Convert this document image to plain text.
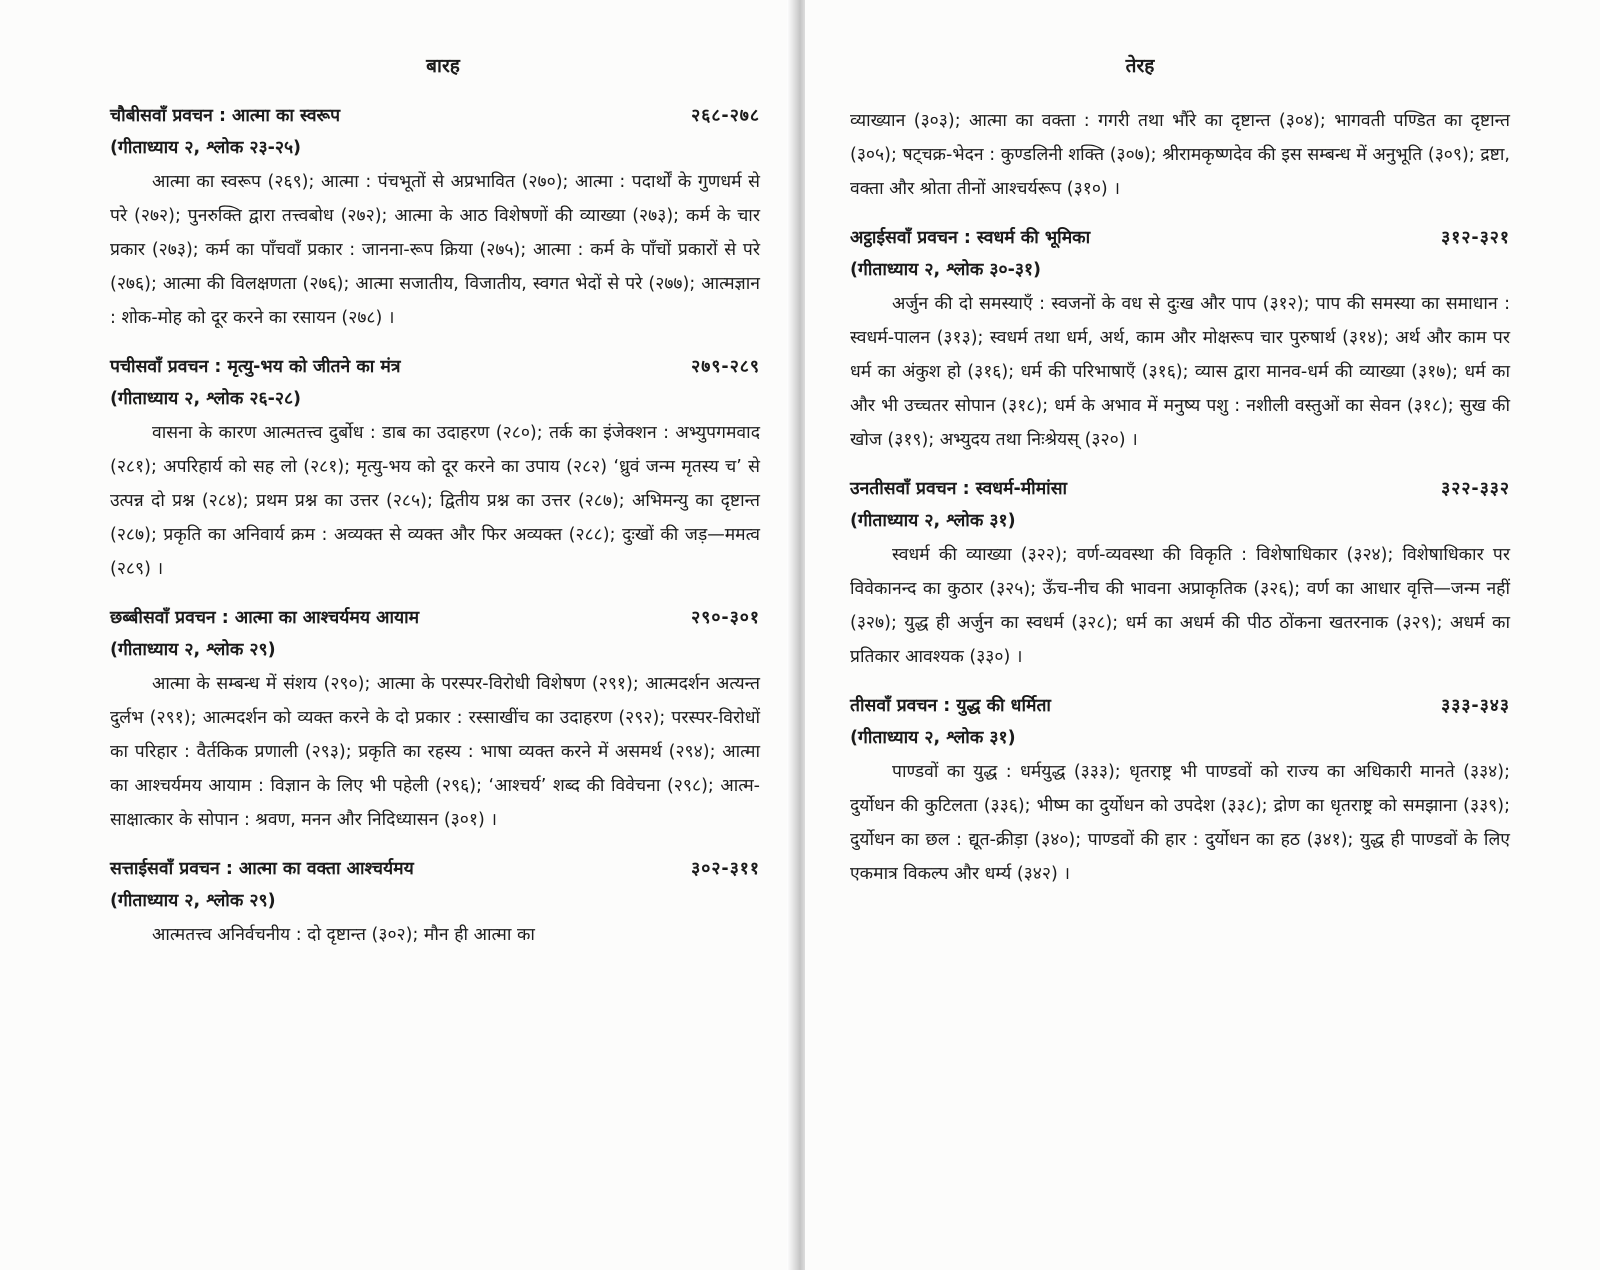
बारह
चौबीसवाँ प्रवचन : आत्मा का स्वरूप	२६८-२७८
(गीताध्याय २, श्लोक २३-२५)
आत्मा का स्वरूप (२६९); आत्मा : पंचभूतों से अप्रभावित (२७०); आत्मा : पदार्थों के गुणधर्म से परे (२७२); पुनरुक्ति द्वारा तत्त्वबोध (२७२); आत्मा के आठ विशेषणों की व्याख्या (२७३); कर्म के चार प्रकार (२७३); कर्म का पाँचवाँ प्रकार : जानना-रूप क्रिया (२७५); आत्मा : कर्म के पाँचों प्रकारों से परे (२७६); आत्मा की विलक्षणता (२७६); आत्मा सजातीय, विजातीय, स्वगत भेदों से परे (२७७); आत्मज्ञान : शोक-मोह को दूर करने का रसायन (२७८) ।
पचीसवाँ प्रवचन : मृत्यु-भय को जीतने का मंत्र	२७९-२८९
(गीताध्याय २, श्लोक २६-२८)
वासना के कारण आत्मतत्त्व दुर्बोध : डाब का उदाहरण (२८०); तर्क का इंजेक्शन : अभ्युपगमवाद (२८१); अपरिहार्य को सह लो (२८१); मृत्यु-भय को दूर करने का उपाय (२८२) ‘ध्रुवं जन्म मृतस्य च’ से उत्पन्न दो प्रश्न (२८४); प्रथम प्रश्न का उत्तर (२८५); द्वितीय प्रश्न का उत्तर (२८७); अभिमन्यु का दृष्टान्त (२८७); प्रकृति का अनिवार्य क्रम : अव्यक्त से व्यक्त और फिर अव्यक्त (२८८); दुःखों की जड़—ममत्व (२८९) ।
छब्बीसवाँ प्रवचन : आत्मा का आश्चर्यमय आयाम	२९०-३०१
(गीताध्याय २, श्लोक २९)
आत्मा के सम्बन्ध में संशय (२९०); आत्मा के परस्पर-विरोधी विशेषण (२९१); आत्मदर्शन अत्यन्त दुर्लभ (२९१); आत्मदर्शन को व्यक्त करने के दो प्रकार : रस्साखींच का उदाहरण (२९२); परस्पर-विरोधों का परिहार : वैर्तकिक प्रणाली (२९३); प्रकृति का रहस्य : भाषा व्यक्त करने में असमर्थ (२९४); आत्मा का आश्चर्यमय आयाम : विज्ञान के लिए भी पहेली (२९६); ‘आश्चर्य’ शब्द की विवेचना (२९८); आत्म-साक्षात्कार के सोपान : श्रवण, मनन और निदिध्यासन (३०१) ।
सत्ताईसवाँ प्रवचन : आत्मा का वक्ता आश्चर्यमय	३०२-३११
(गीताध्याय २, श्लोक २९)
आत्मतत्त्व अनिर्वचनीय : दो दृष्टान्त (३०२); मौन ही आत्मा का
तेरह
व्याख्यान (३०३); आत्मा का वक्ता : गगरी तथा भौंरे का दृष्टान्त (३०४); भागवती पण्डित का दृष्टान्त (३०५); षट्चक्र-भेदन : कुण्डलिनी शक्ति (३०७); श्रीरामकृष्णदेव की इस सम्बन्ध में अनुभूति (३०९); द्रष्टा, वक्ता और श्रोता तीनों आश्चर्यरूप (३१०) ।
अट्ठाईसवाँ प्रवचन : स्वधर्म की भूमिका	३१२-३२१
(गीताध्याय २, श्लोक ३०-३१)
अर्जुन की दो समस्याएँ : स्वजनों के वध से दुःख और पाप (३१२); पाप की समस्या का समाधान : स्वधर्म-पालन (३१३); स्वधर्म तथा धर्म, अर्थ, काम और मोक्षरूप चार पुरुषार्थ (३१४); अर्थ और काम पर धर्म का अंकुश हो (३१६); धर्म की परिभाषाएँ (३१६); व्यास द्वारा मानव-धर्म की व्याख्या (३१७); धर्म का और भी उच्चतर सोपान (३१८); धर्म के अभाव में मनुष्य पशु : नशीली वस्तुओं का सेवन (३१८); सुख की खोज (३१९); अभ्युदय तथा निःश्रेयस् (३२०) ।
उनतीसवाँ प्रवचन : स्वधर्म-मीमांसा	३२२-३३२
(गीताध्याय २, श्लोक ३१)
स्वधर्म की व्याख्या (३२२); वर्ण-व्यवस्था की विकृति : विशेषाधिकार (३२४); विशेषाधिकार पर विवेकानन्द का कुठार (३२५); ऊँच-नीच की भावना अप्राकृतिक (३२६); वर्ण का आधार वृत्ति—जन्म नहीं (३२७); युद्ध ही अर्जुन का स्वधर्म (३२८); धर्म का अधर्म की पीठ ठोंकना खतरनाक (३२९); अधर्म का प्रतिकार आवश्यक (३३०) ।
तीसवाँ प्रवचन : युद्ध की धर्मिता	३३३-३४३
(गीताध्याय २, श्लोक ३१)
पाण्डवों का युद्ध : धर्मयुद्ध (३३३); धृतराष्ट्र भी पाण्डवों को राज्य का अधिकारी मानते (३३४); दुर्योधन की कुटिलता (३३६); भीष्म का दुर्योधन को उपदेश (३३८); द्रोण का धृतराष्ट्र को समझाना (३३९); दुर्योधन का छल : द्यूत-क्रीड़ा (३४०); पाण्डवों की हार : दुर्योधन का हठ (३४१); युद्ध ही पाण्डवों के लिए एकमात्र विकल्प और धर्म्य (३४२) ।
